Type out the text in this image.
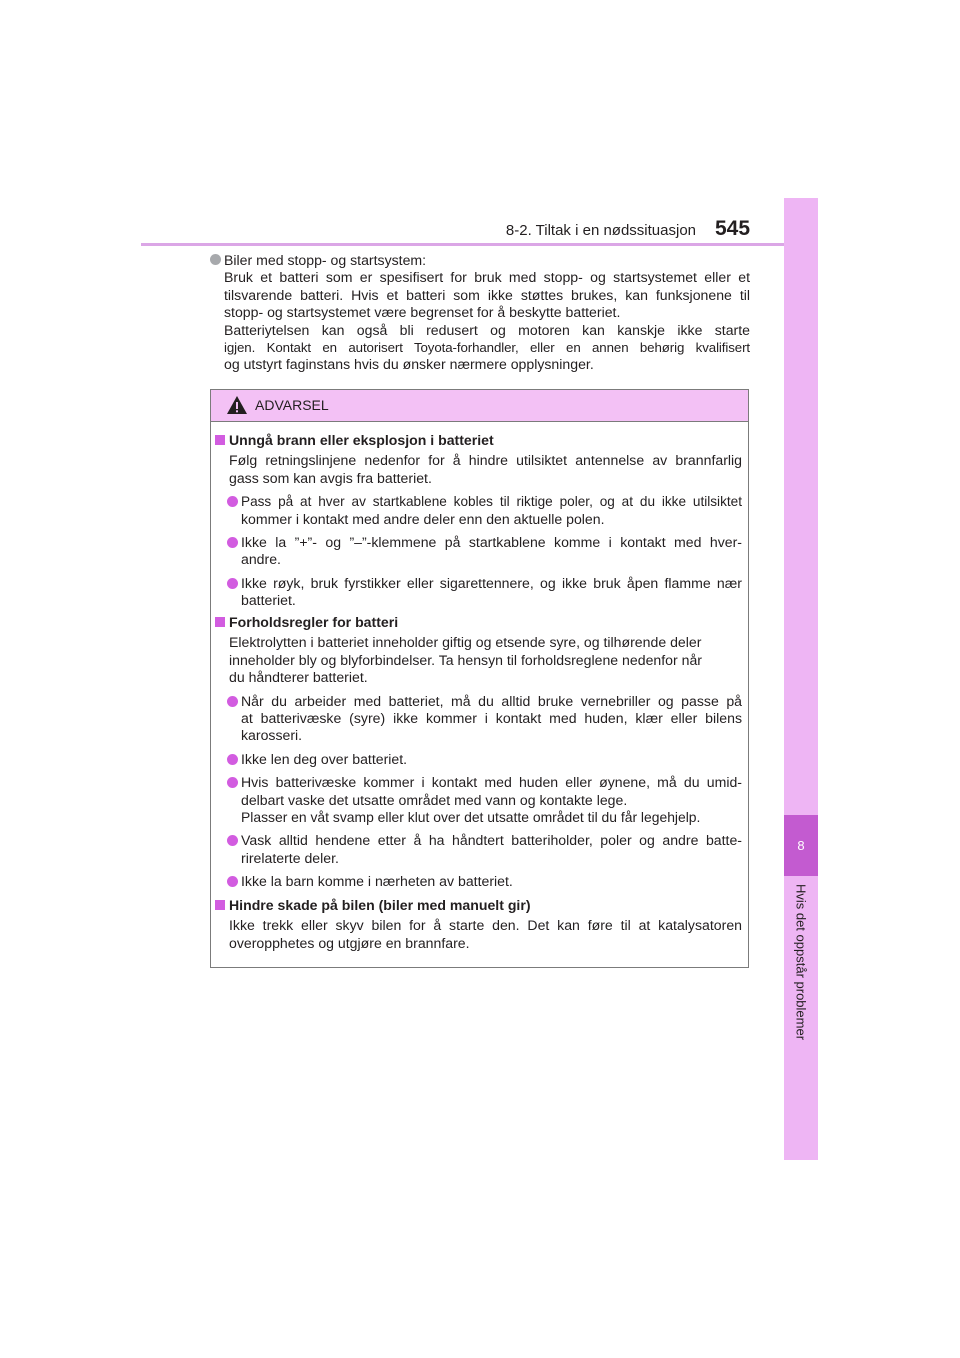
8-2. Tiltak i en nødssituasjon 545
8
Hvis det oppstår problemer
Biler med stopp- og startsystem:
Bruk et batteri som er spesifisert for bruk med stopp- og startsystemet eller et
tilsvarende batteri. Hvis et batteri som ikke støttes brukes, kan funksjonene til
stopp- og startsystemet være begrenset for å beskytte batteriet.
Batteriytelsen kan også bli redusert og motoren kan kanskje ikke starte
igjen. Kontakt en autorisert Toyota-forhandler, eller en annen behørig kvalifisert
og utstyrt faginstans hvis du ønsker nærmere opplysninger.
ADVARSEL
Unngå brann eller eksplosjon i batteriet
Følg retningslinjene nedenfor for å hindre utilsiktet antennelse av brannfarlig
gass som kan avgis fra batteriet.
Pass på at hver av startkablene kobles til riktige poler, og at du ikke utilsiktet
kommer i kontakt med andre deler enn den aktuelle polen.
Ikke la ”+”- og ”–”-klemmene på startkablene komme i kontakt med hver-
andre.
Ikke røyk, bruk fyrstikker eller sigarettennere, og ikke bruk åpen flamme nær
batteriet.
Forholdsregler for batteri
Elektrolytten i batteriet inneholder giftig og etsende syre, og tilhørende deler
inneholder bly og blyforbindelser. Ta hensyn til forholdsreglene nedenfor når
du håndterer batteriet.
Når du arbeider med batteriet, må du alltid bruke vernebriller og passe på
at batterivæske (syre) ikke kommer i kontakt med huden, klær eller bilens
karosseri.
Ikke len deg over batteriet.
Hvis batterivæske kommer i kontakt med huden eller øynene, må du umid-
delbart vaske det utsatte området med vann og kontakte lege.
Plasser en våt svamp eller klut over det utsatte området til du får legehjelp.
Vask alltid hendene etter å ha håndtert batteriholder, poler og andre batte-
rirelaterte deler.
Ikke la barn komme i nærheten av batteriet.
Hindre skade på bilen (biler med manuelt gir)
Ikke trekk eller skyv bilen for å starte den. Det kan føre til at katalysatoren
overopphetes og utgjøre en brannfare.
